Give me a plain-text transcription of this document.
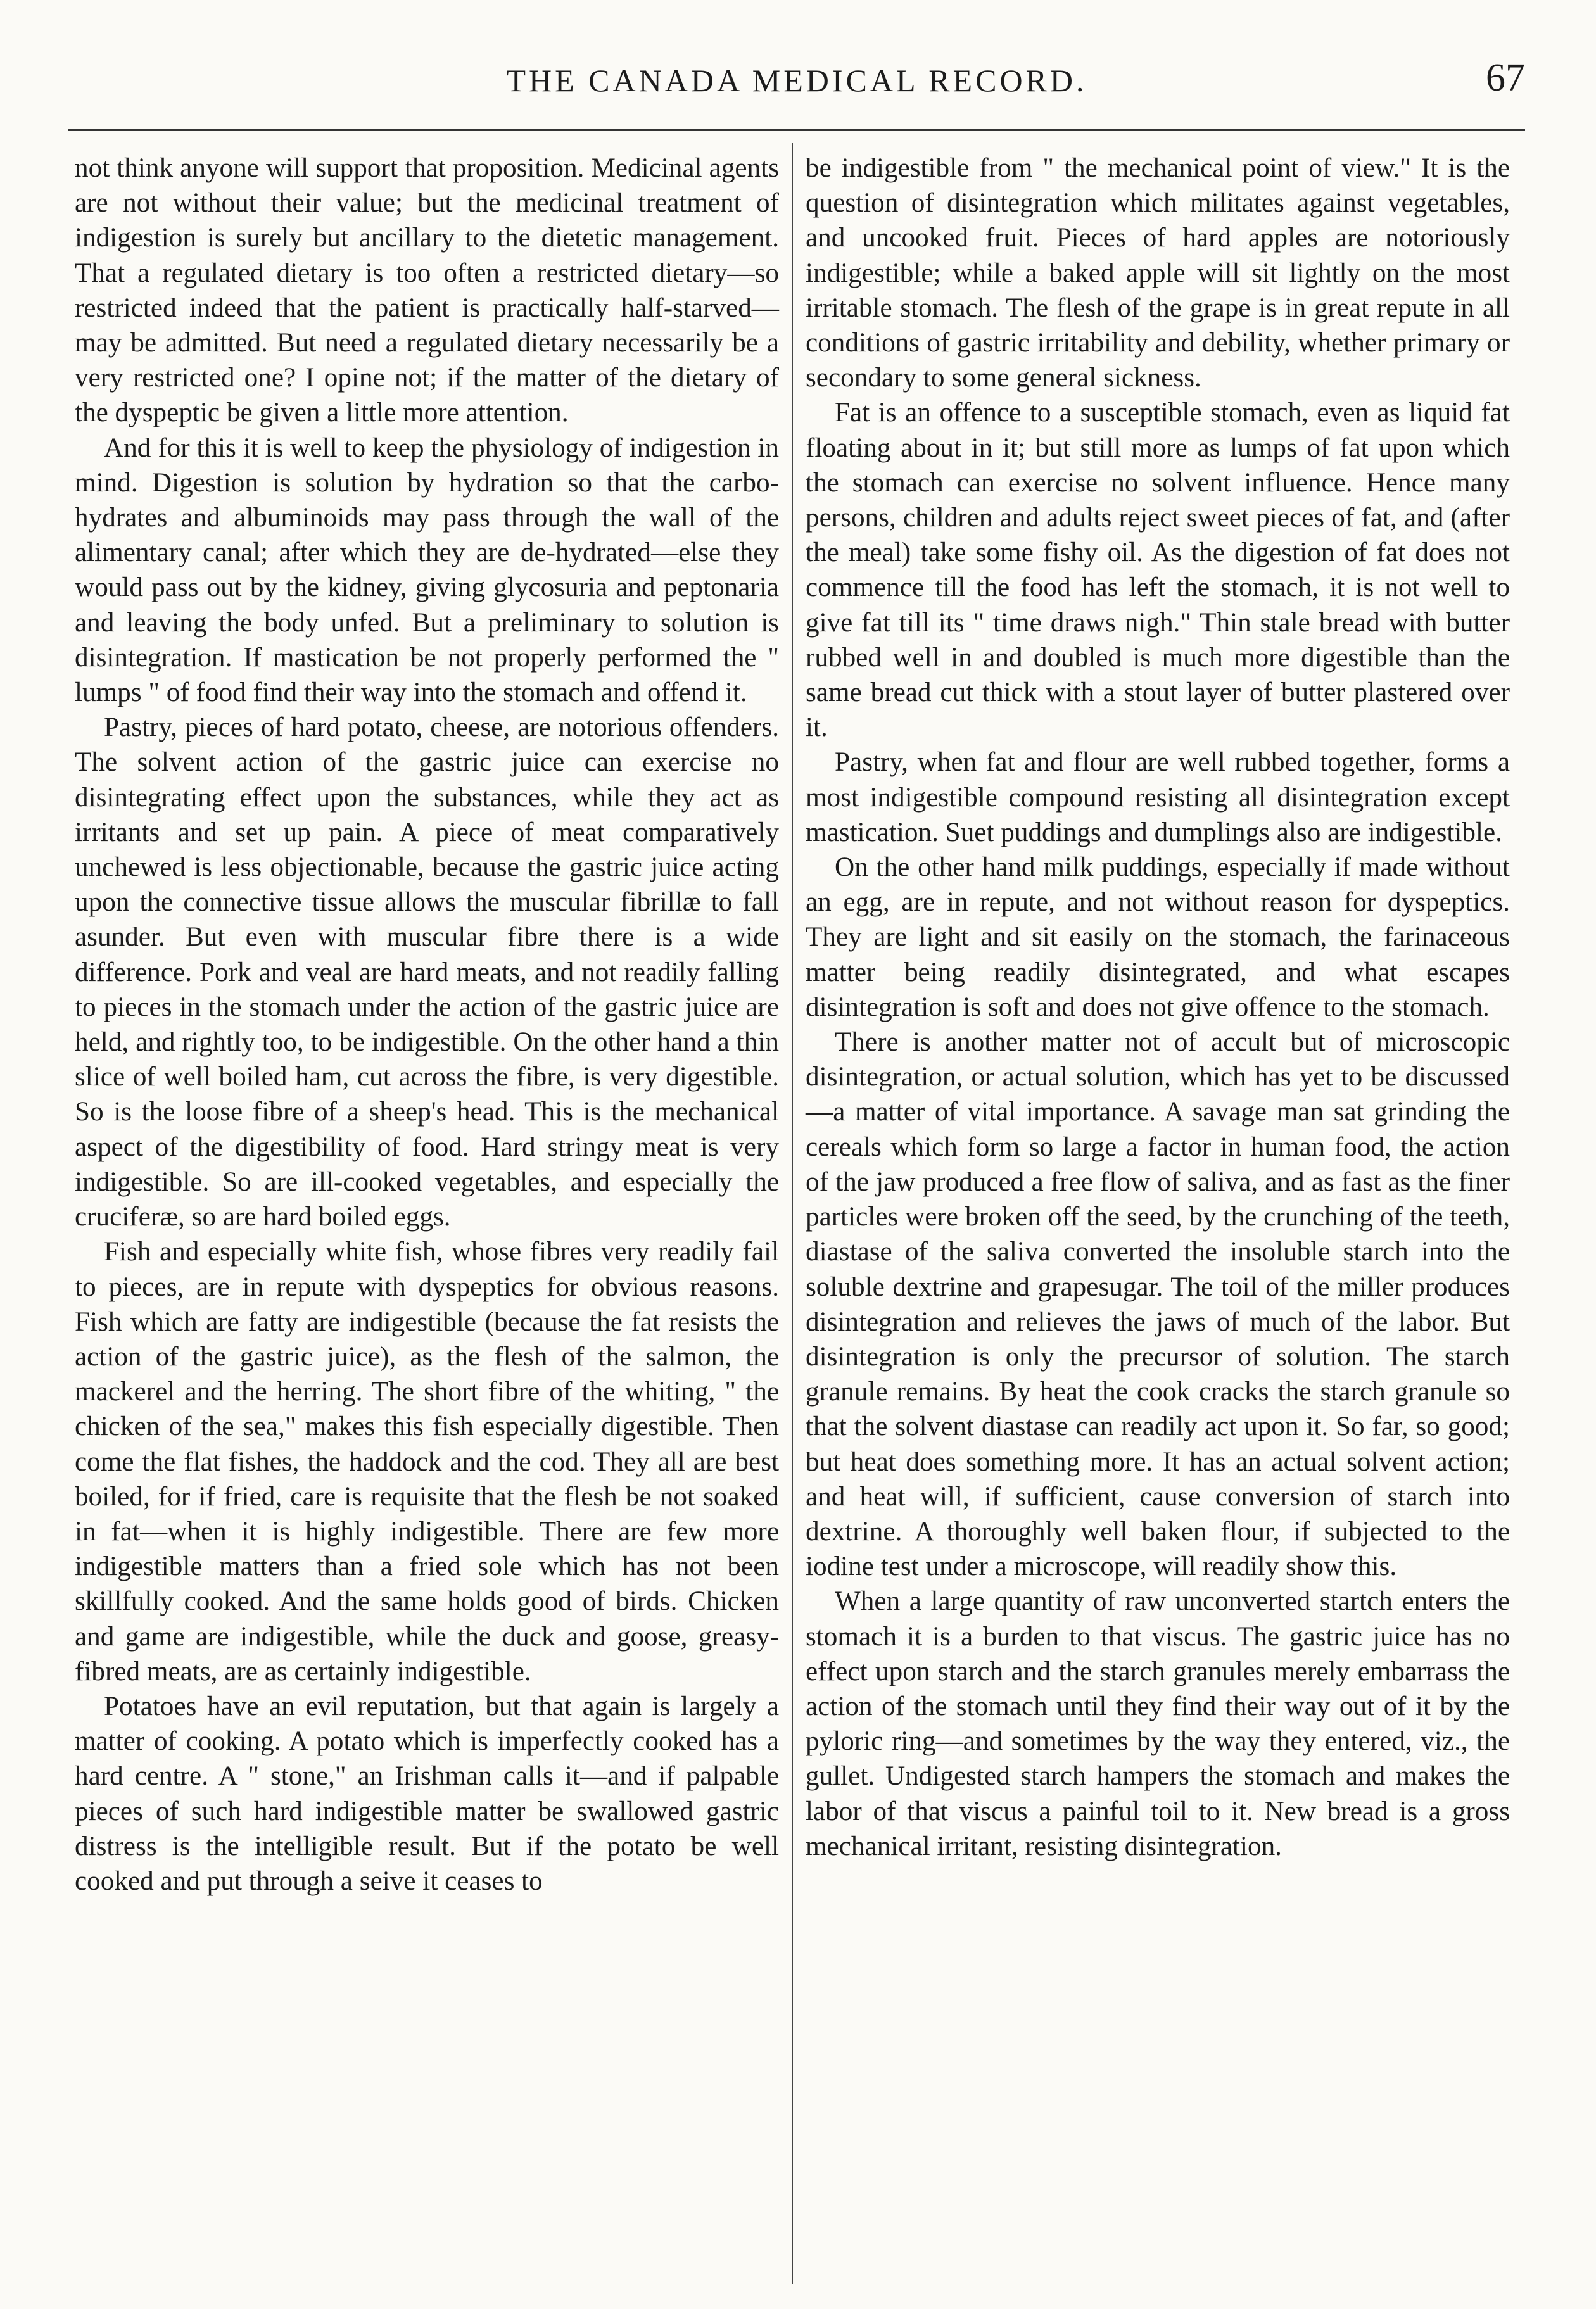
THE CANADA MEDICAL RECORD.	67

not think anyone will support that proposition. Medicinal agents are not without their value; but the medicinal treatment of indigestion is surely but ancillary to the dietetic management. That a regulated dietary is too often a restricted dietary—so restricted indeed that the patient is practically half-starved—may be admitted. But need a regulated dietary necessarily be a very restricted one? I opine not; if the matter of the dietary of the dyspeptic be given a little more attention.

And for this it is well to keep the physiology of indigestion in mind. Digestion is solution by hydration so that the carbo-hydrates and albuminoids may pass through the wall of the alimentary canal; after which they are de-hydrated—else they would pass out by the kidney, giving glycosuria and peptonaria and leaving the body unfed. But a preliminary to solution is disintegration. If mastication be not properly performed the " lumps " of food find their way into the stomach and offend it.

Pastry, pieces of hard potato, cheese, are notorious offenders. The solvent action of the gastric juice can exercise no disintegrating effect upon the substances, while they act as irritants and set up pain. A piece of meat comparatively unchewed is less objectionable, because the gastric juice acting upon the connective tissue allows the muscular fibrillæ to fall asunder. But even with muscular fibre there is a wide difference. Pork and veal are hard meats, and not readily falling to pieces in the stomach under the action of the gastric juice are held, and rightly too, to be indigestible. On the other hand a thin slice of well boiled ham, cut across the fibre, is very digestible. So is the loose fibre of a sheep's head. This is the mechanical aspect of the digestibility of food. Hard stringy meat is very indigestible. So are ill-cooked vegetables, and especially the cruciferæ, so are hard boiled eggs.

Fish and especially white fish, whose fibres very readily fail to pieces, are in repute with dyspeptics for obvious reasons. Fish which are fatty are indigestible (because the fat resists the action of the gastric juice), as the flesh of the salmon, the mackerel and the herring. The short fibre of the whiting, " the chicken of the sea," makes this fish especially digestible. Then come the flat fishes, the haddock and the cod. They all are best boiled, for if fried, care is requisite that the flesh be not soaked in fat—when it is highly indigestible. There are few more indigestible matters than a fried sole which has not been skillfully cooked. And the same holds good of birds. Chicken and game are indigestible, while the duck and goose, greasy-fibred meats, are as certainly indigestible.

Potatoes have an evil reputation, but that again is largely a matter of cooking. A potato which is imperfectly cooked has a hard centre. A " stone," an Irishman calls it—and if palpable pieces of such hard indigestible matter be swallowed gastric distress is the intelligible result. But if the potato be well cooked and put through a seive it ceases to

be indigestible from " the mechanical point of view." It is the question of disintegration which militates against vegetables, and uncooked fruit. Pieces of hard apples are notoriously indigestible; while a baked apple will sit lightly on the most irritable stomach. The flesh of the grape is in great repute in all conditions of gastric irritability and debility, whether primary or secondary to some general sickness.

Fat is an offence to a susceptible stomach, even as liquid fat floating about in it; but still more as lumps of fat upon which the stomach can exercise no solvent influence. Hence many persons, children and adults reject sweet pieces of fat, and (after the meal) take some fishy oil. As the digestion of fat does not commence till the food has left the stomach, it is not well to give fat till its " time draws nigh." Thin stale bread with butter rubbed well in and doubled is much more digestible than the same bread cut thick with a stout layer of butter plastered over it.

Pastry, when fat and flour are well rubbed together, forms a most indigestible compound resisting all disintegration except mastication. Suet puddings and dumplings also are indigestible.

On the other hand milk puddings, especially if made without an egg, are in repute, and not without reason for dyspeptics. They are light and sit easily on the stomach, the farinaceous matter being readily disintegrated, and what escapes disintegration is soft and does not give offence to the stomach.

There is another matter not of accult but of microscopic disintegration, or actual solution, which has yet to be discussed—a matter of vital importance. A savage man sat grinding the cereals which form so large a factor in human food, the action of the jaw produced a free flow of saliva, and as fast as the finer particles were broken off the seed, by the crunching of the teeth, diastase of the saliva converted the insoluble starch into the soluble dextrine and grapesugar. The toil of the miller produces disintegration and relieves the jaws of much of the labor. But disintegration is only the precursor of solution. The starch granule remains. By heat the cook cracks the starch granule so that the solvent diastase can readily act upon it. So far, so good; but heat does something more. It has an actual solvent action; and heat will, if sufficient, cause conversion of starch into dextrine. A thoroughly well baken flour, if subjected to the iodine test under a microscope, will readily show this.

When a large quantity of raw unconverted startch enters the stomach it is a burden to that viscus. The gastric juice has no effect upon starch and the starch granules merely embarrass the action of the stomach until they find their way out of it by the pyloric ring—and sometimes by the way they entered, viz., the gullet. Undigested starch hampers the stomach and makes the labor of that viscus a painful toil to it. New bread is a gross mechanical irritant, resisting disintegration.
